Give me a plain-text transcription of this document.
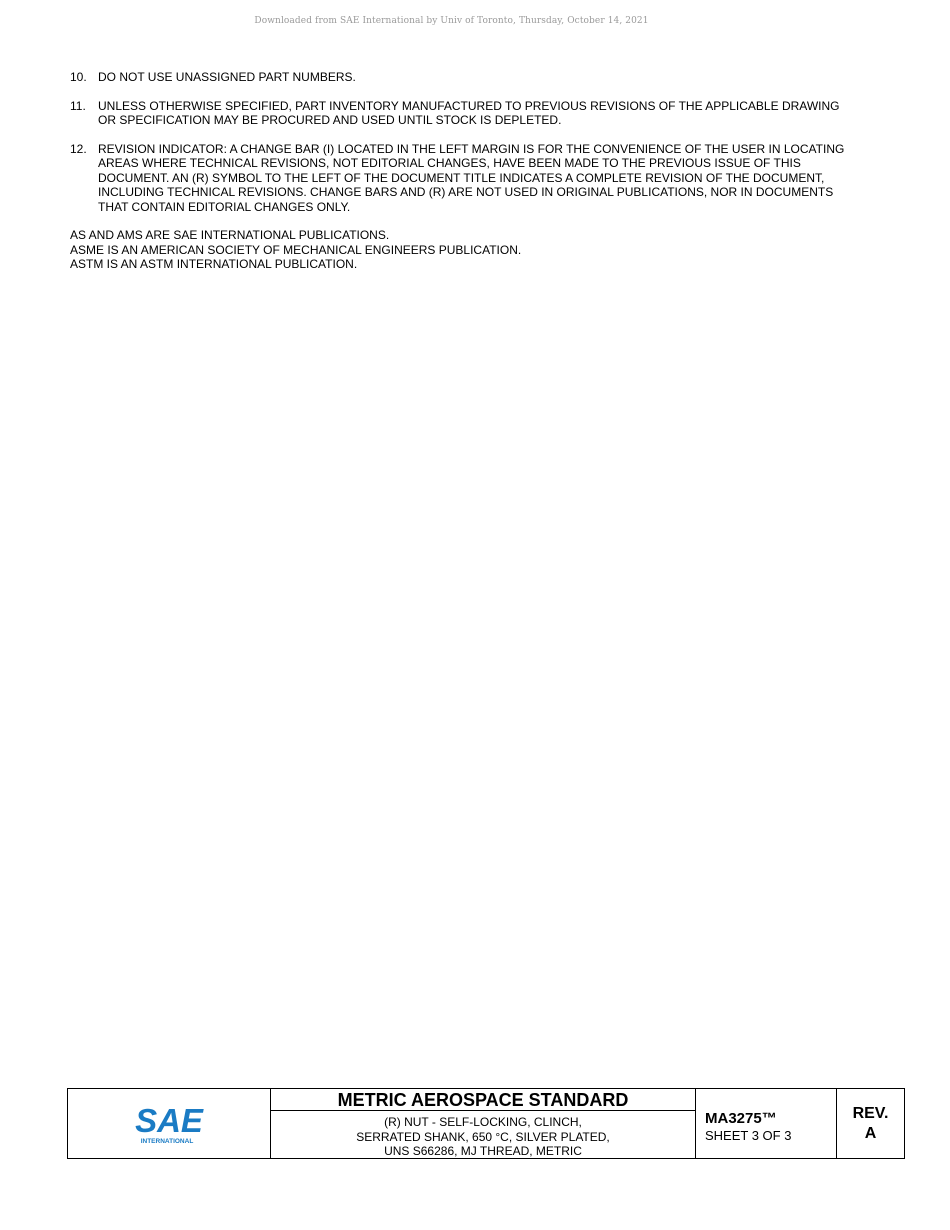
Downloaded from SAE International by Univ of Toronto, Thursday, October 14, 2021
10. DO NOT USE UNASSIGNED PART NUMBERS.
11.	UNLESS OTHERWISE SPECIFIED, PART INVENTORY MANUFACTURED TO PREVIOUS REVISIONS OF THE APPLICABLE DRAWING OR SPECIFICATION MAY BE PROCURED AND USED UNTIL STOCK IS DEPLETED.
12. REVISION INDICATOR: A CHANGE BAR (I) LOCATED IN THE LEFT MARGIN IS FOR THE CONVENIENCE OF THE USER IN LOCATING AREAS WHERE TECHNICAL REVISIONS, NOT EDITORIAL CHANGES, HAVE BEEN MADE TO THE PREVIOUS ISSUE OF THIS DOCUMENT. AN (R) SYMBOL TO THE LEFT OF THE DOCUMENT TITLE INDICATES A COMPLETE REVISION OF THE DOCUMENT, INCLUDING TECHNICAL REVISIONS. CHANGE BARS AND (R) ARE NOT USED IN ORIGINAL PUBLICATIONS, NOR IN DOCUMENTS THAT CONTAIN EDITORIAL CHANGES ONLY.
AS AND AMS ARE SAE INTERNATIONAL PUBLICATIONS.
ASME IS AN AMERICAN SOCIETY OF MECHANICAL ENGINEERS PUBLICATION.
ASTM IS AN ASTM INTERNATIONAL PUBLICATION.
SAE
INTERNATIONAL
METRIC AEROSPACE STANDARD
(R) NUT - SELF-LOCKING, CLINCH,
SERRATED SHANK, 650 °C, SILVER PLATED,
UNS S66286, MJ THREAD, METRIC
MA3275™
SHEET 3 OF 3
REV.
A
